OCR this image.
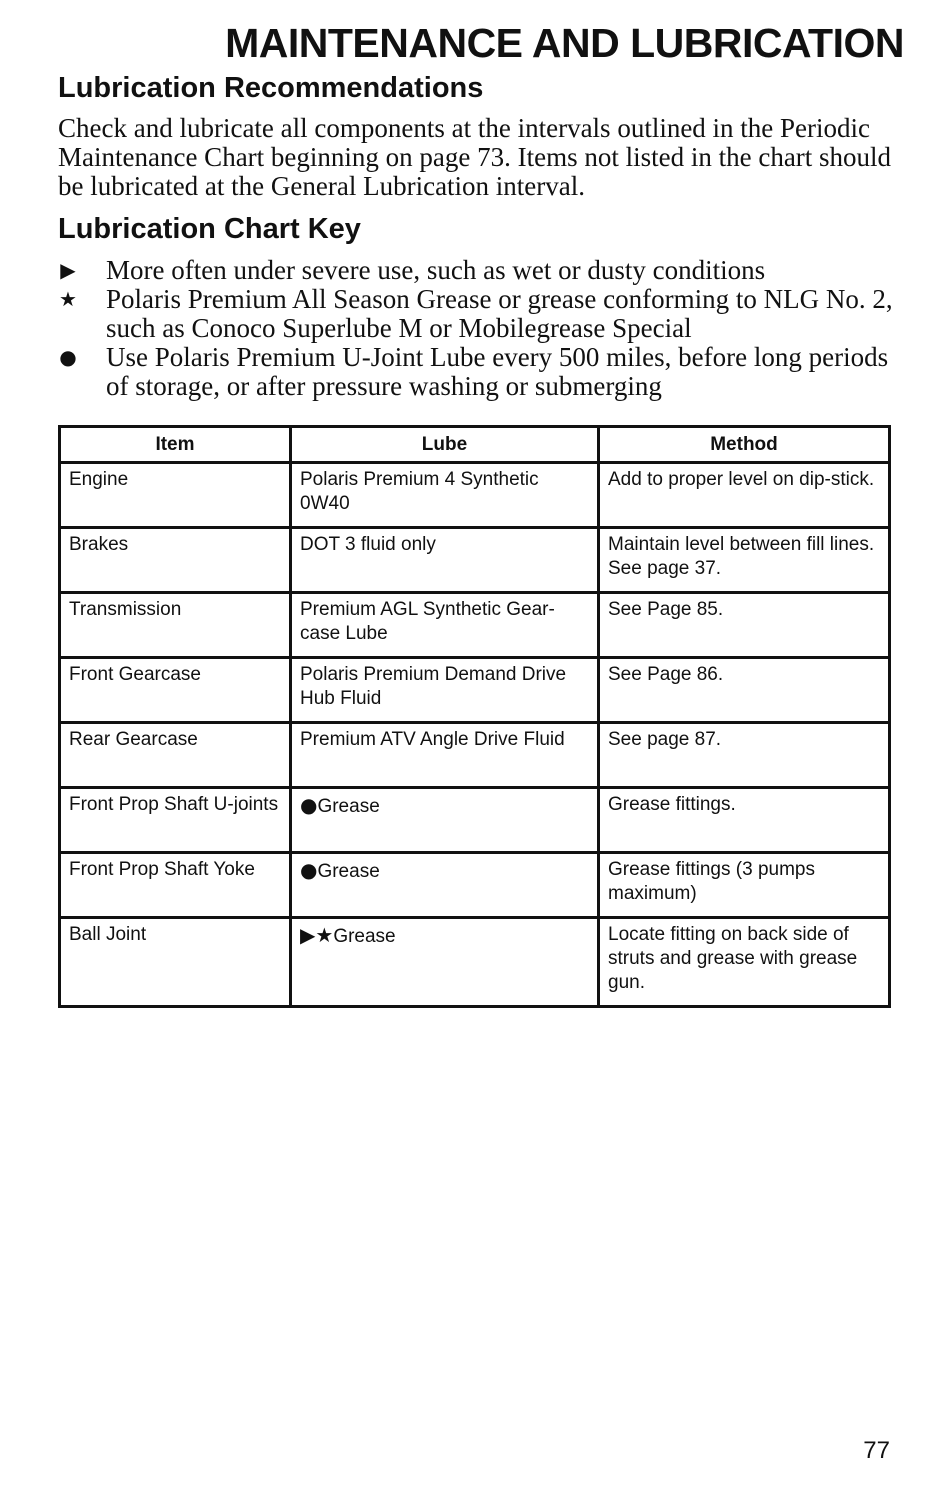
MAINTENANCE AND LUBRICATION
Lubrication Recommendations

Check and lubricate all components at the intervals outlined in the Periodic Maintenance Chart beginning on page 73. Items not listed in the chart should be lubricated at the General Lubrication interval.

Lubrication Chart Key
▶ More often under severe use, such as wet or dusty conditions
★ Polaris Premium All Season Grease or grease conforming to NLG No. 2, such as Conoco Superlube M or Mobilegrease Special
● Use Polaris Premium U-Joint Lube every 500 miles, before long periods of storage, or after pressure washing or submerging
Item	Lube	Method
Engine	Polaris Premium 4 Synthetic 0W40	Add to proper level on dip-stick.
Brakes	DOT 3 fluid only	Maintain level between fill lines. See page 37.
Transmission	Premium AGL Synthetic Gear-case Lube	See Page 85.
Front Gearcase	Polaris Premium Demand Drive Hub Fluid	See Page 86.
Rear Gearcase	Premium ATV Angle Drive Fluid	See page 87.
Front Prop Shaft U-joints	●Grease	Grease fittings.
Front Prop Shaft Yoke	●Grease	Grease fittings (3 pumps maximum)
Ball Joint	▶★Grease	Locate fitting on back side of struts and grease with grease gun.
77
